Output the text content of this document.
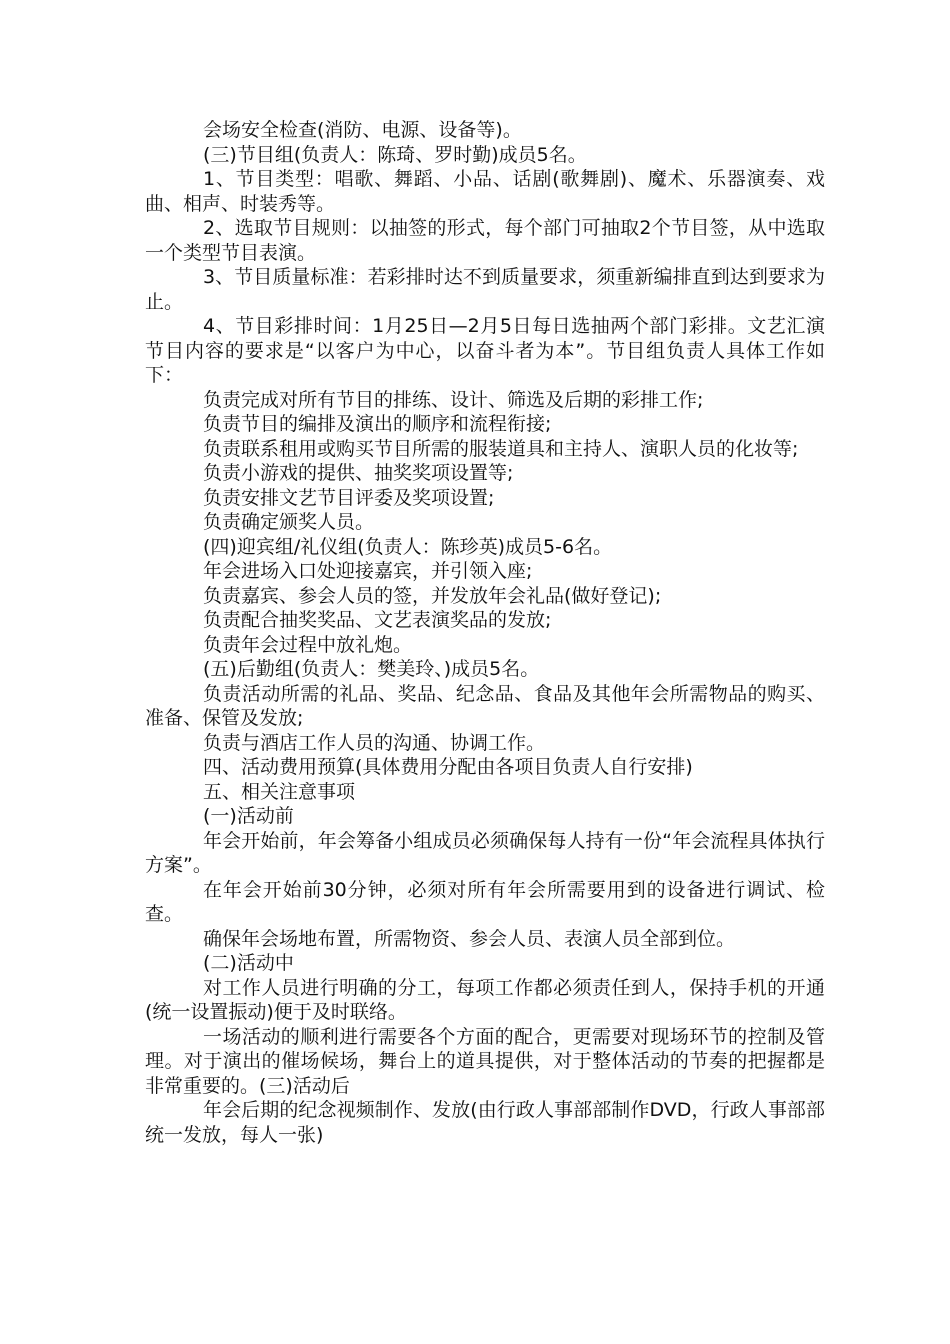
会场安全检查(消防、电源、设备等)。

(三)节目组(负责人：陈琦、罗时勤)成员5名。

1、节目类型：唱歌、舞蹈、小品、话剧(歌舞剧)、魔术、乐器演奏、戏曲、相声、时装秀等。

2、选取节目规则：以抽签的形式，每个部门可抽取2个节目签，从中选取一个类型节目表演。

3、节目质量标准：若彩排时达不到质量要求，须重新编排直到达到要求为止。

4、节目彩排时间：1月25日—2月5日每日选抽两个部门彩排。文艺汇演节目内容的要求是“以客户为中心，以奋斗者为本”。节目组负责人具体工作如下：

负责完成对所有节目的排练、设计、筛选及后期的彩排工作;

负责节目的编排及演出的顺序和流程衔接;

负责联系租用或购买节目所需的服装道具和主持人、演职人员的化妆等;

负责小游戏的提供、抽奖奖项设置等;

负责安排文艺节目评委及奖项设置;

负责确定颁奖人员。

(四)迎宾组/礼仪组(负责人：陈珍英)成员5-6名。

年会进场入口处迎接嘉宾，并引领入座;

负责嘉宾、参会人员的签，并发放年会礼品(做好登记);

负责配合抽奖奖品、文艺表演奖品的发放;

负责年会过程中放礼炮。

(五)后勤组(负责人：樊美玲、)成员5名。

负责活动所需的礼品、奖品、纪念品、食品及其他年会所需物品的购买、准备、保管及发放;

负责与酒店工作人员的沟通、协调工作。

四、活动费用预算(具体费用分配由各项目负责人自行安排)

五、相关注意事项

(一)活动前

年会开始前，年会筹备小组成员必须确保每人持有一份“年会流程具体执行方案”。

在年会开始前30分钟，必须对所有年会所需要用到的设备进行调试、检查。

确保年会场地布置，所需物资、参会人员、表演人员全部到位。

(二)活动中

对工作人员进行明确的分工，每项工作都必须责任到人，保持手机的开通(统一设置振动)便于及时联络。

一场活动的顺利进行需要各个方面的配合，更需要对现场环节的控制及管理。对于演出的催场候场，舞台上的道具提供，对于整体活动的节奏的把握都是非常重要的。(三)活动后

年会后期的纪念视频制作、发放(由行政人事部部制作DVD，行政人事部部统一发放，每人一张)
